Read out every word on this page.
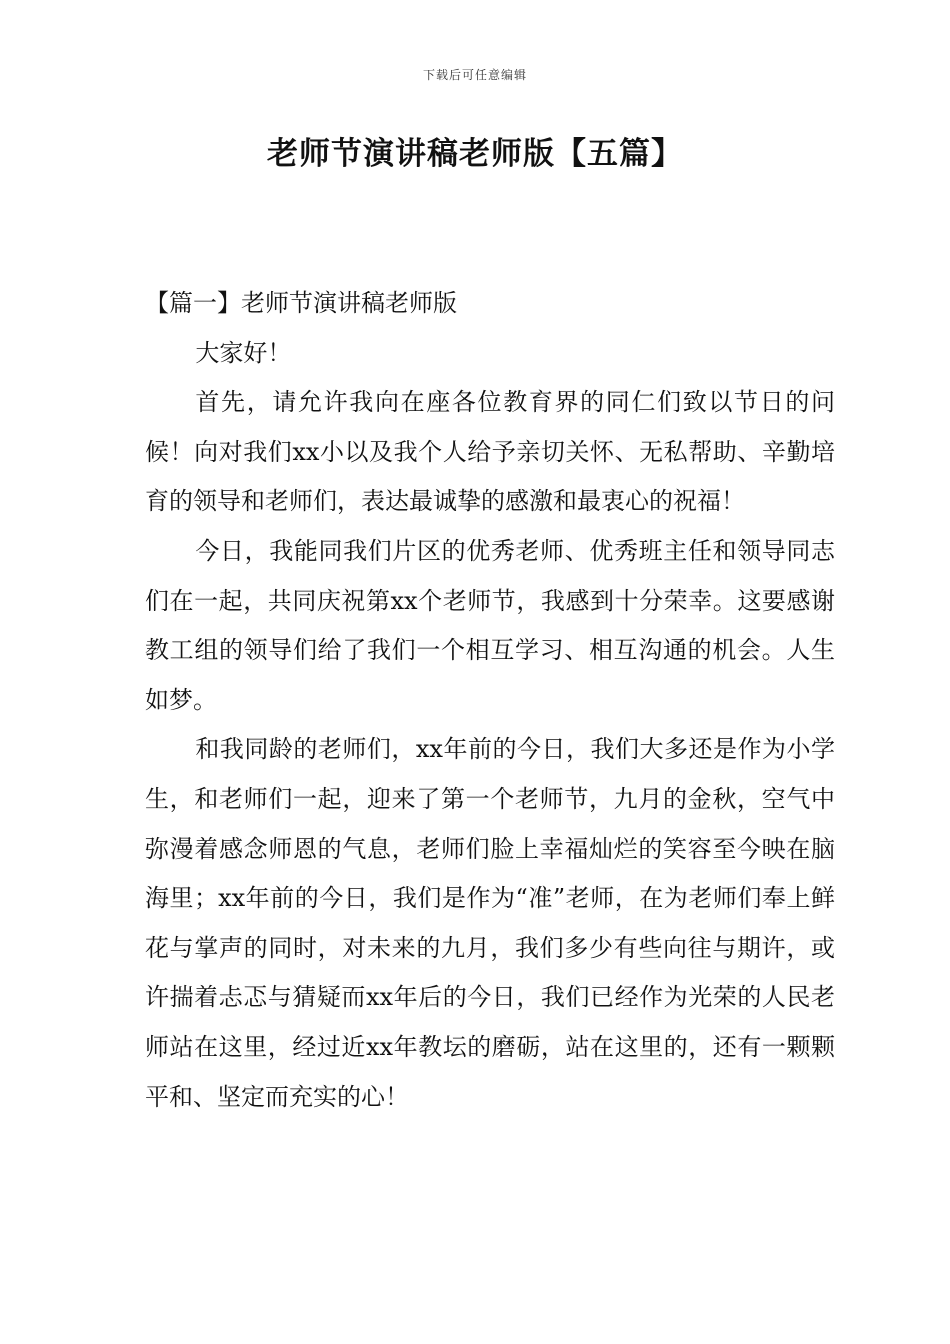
下载后可任意编辑
老师节演讲稿老师版【五篇】

【篇一】老师节演讲稿老师版

大家好！

首先，请允许我向在座各位教育界的同仁们致以节日的问候！向对我们xx小以及我个人给予亲切关怀、无私帮助、辛勤培育的领导和老师们，表达最诚挚的感激和最衷心的祝福！

今日，我能同我们片区的优秀老师、优秀班主任和领导同志们在一起，共同庆祝第xx个老师节，我感到十分荣幸。这要感谢教工组的领导们给了我们一个相互学习、相互沟通的机会。人生如梦。

和我同龄的老师们，xx年前的今日，我们大多还是作为小学生，和老师们一起，迎来了第一个老师节，九月的金秋，空气中弥漫着感念师恩的气息，老师们脸上幸福灿烂的笑容至今映在脑海里；xx年前的今日，我们是作为“准”老师，在为老师们奉上鲜花与掌声的同时，对未来的九月，我们多少有些向往与期许，或许揣着忐忑与猜疑而xx年后的今日，我们已经作为光荣的人民老师站在这里，经过近xx年教坛的磨砺，站在这里的，还有一颗颗平和、坚定而充实的心！
